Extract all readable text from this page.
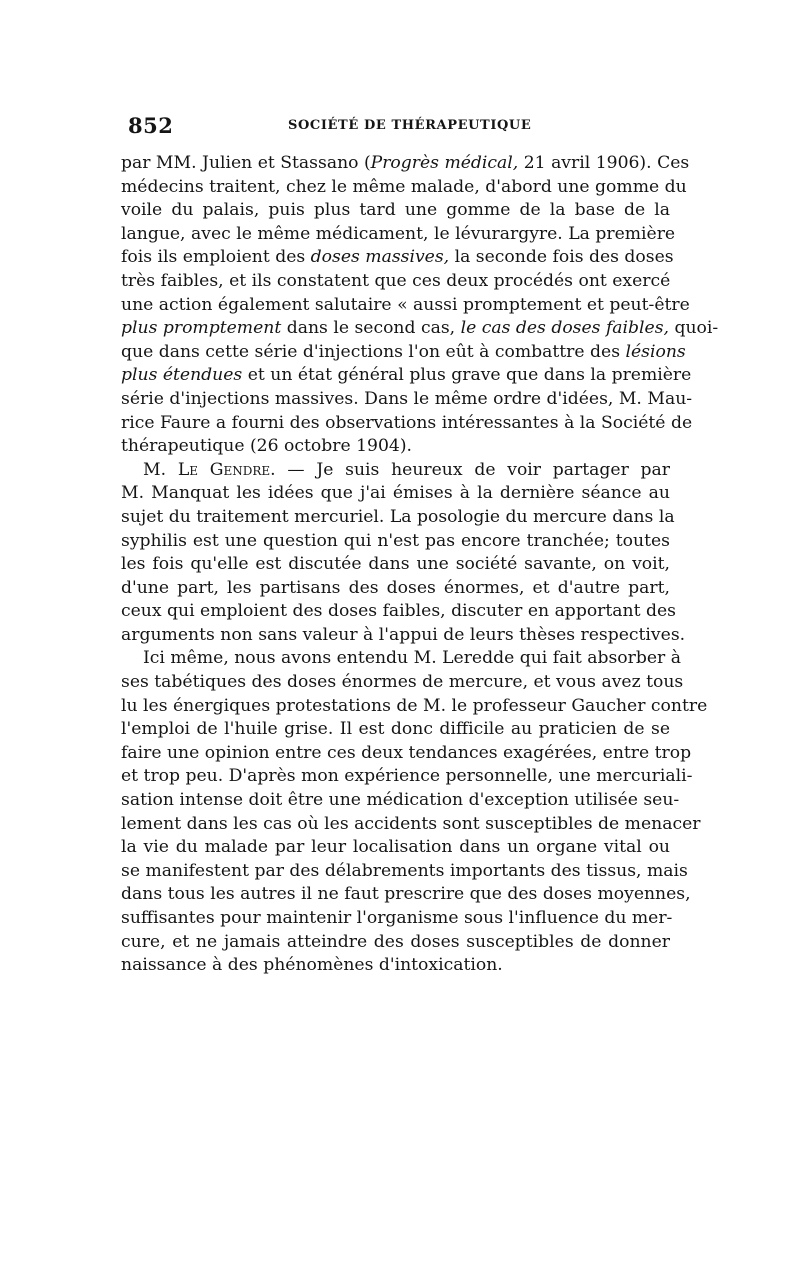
852	SOCIÉTÉ DE THÉRAPEUTIQUE
par MM. Julien et Stassano (Progrès médical, 21 avril 1906). Ces
médecins traitent, chez le même malade, d'abord une gomme du
voile du palais, puis plus tard une gomme de la base de la
langue, avec le même médicament, le lévurargyre. La première
fois ils emploient des doses massives, la seconde fois des doses
très faibles, et ils constatent que ces deux procédés ont exercé
une action également salutaire « aussi promptement et peut-être
plus promptement dans le second cas, le cas des doses faibles, quoi-
que dans cette série d'injections l'on eût à combattre des lésions
plus étendues et un état général plus grave que dans la première
série d'injections massives. Dans le même ordre d'idées, M. Mau-
rice Faure a fourni des observations intéressantes à la Société de
thérapeutique (26 octobre 1904).
M. Le Gendre. — Je suis heureux de voir partager par
M. Manquat les idées que j'ai émises à la dernière séance au
sujet du traitement mercuriel. La posologie du mercure dans la
syphilis est une question qui n'est pas encore tranchée; toutes
les fois qu'elle est discutée dans une société savante, on voit,
d'une part, les partisans des doses énormes, et d'autre part,
ceux qui emploient des doses faibles, discuter en apportant des
arguments non sans valeur à l'appui de leurs thèses respectives.
Ici même, nous avons entendu M. Leredde qui fait absorber à
ses tabétiques des doses énormes de mercure, et vous avez tous
lu les énergiques protestations de M. le professeur Gaucher contre
l'emploi de l'huile grise. Il est donc difficile au praticien de se
faire une opinion entre ces deux tendances exagérées, entre trop
et trop peu. D'après mon expérience personnelle, une mercuriali-
sation intense doit être une médication d'exception utilisée seu-
lement dans les cas où les accidents sont susceptibles de menacer
la vie du malade par leur localisation dans un organe vital ou
se manifestent par des délabrements importants des tissus, mais
dans tous les autres il ne faut prescrire que des doses moyennes,
suffisantes pour maintenir l'organisme sous l'influence du mer-
cure, et ne jamais atteindre des doses susceptibles de donner
naissance à des phénomènes d'intoxication.
